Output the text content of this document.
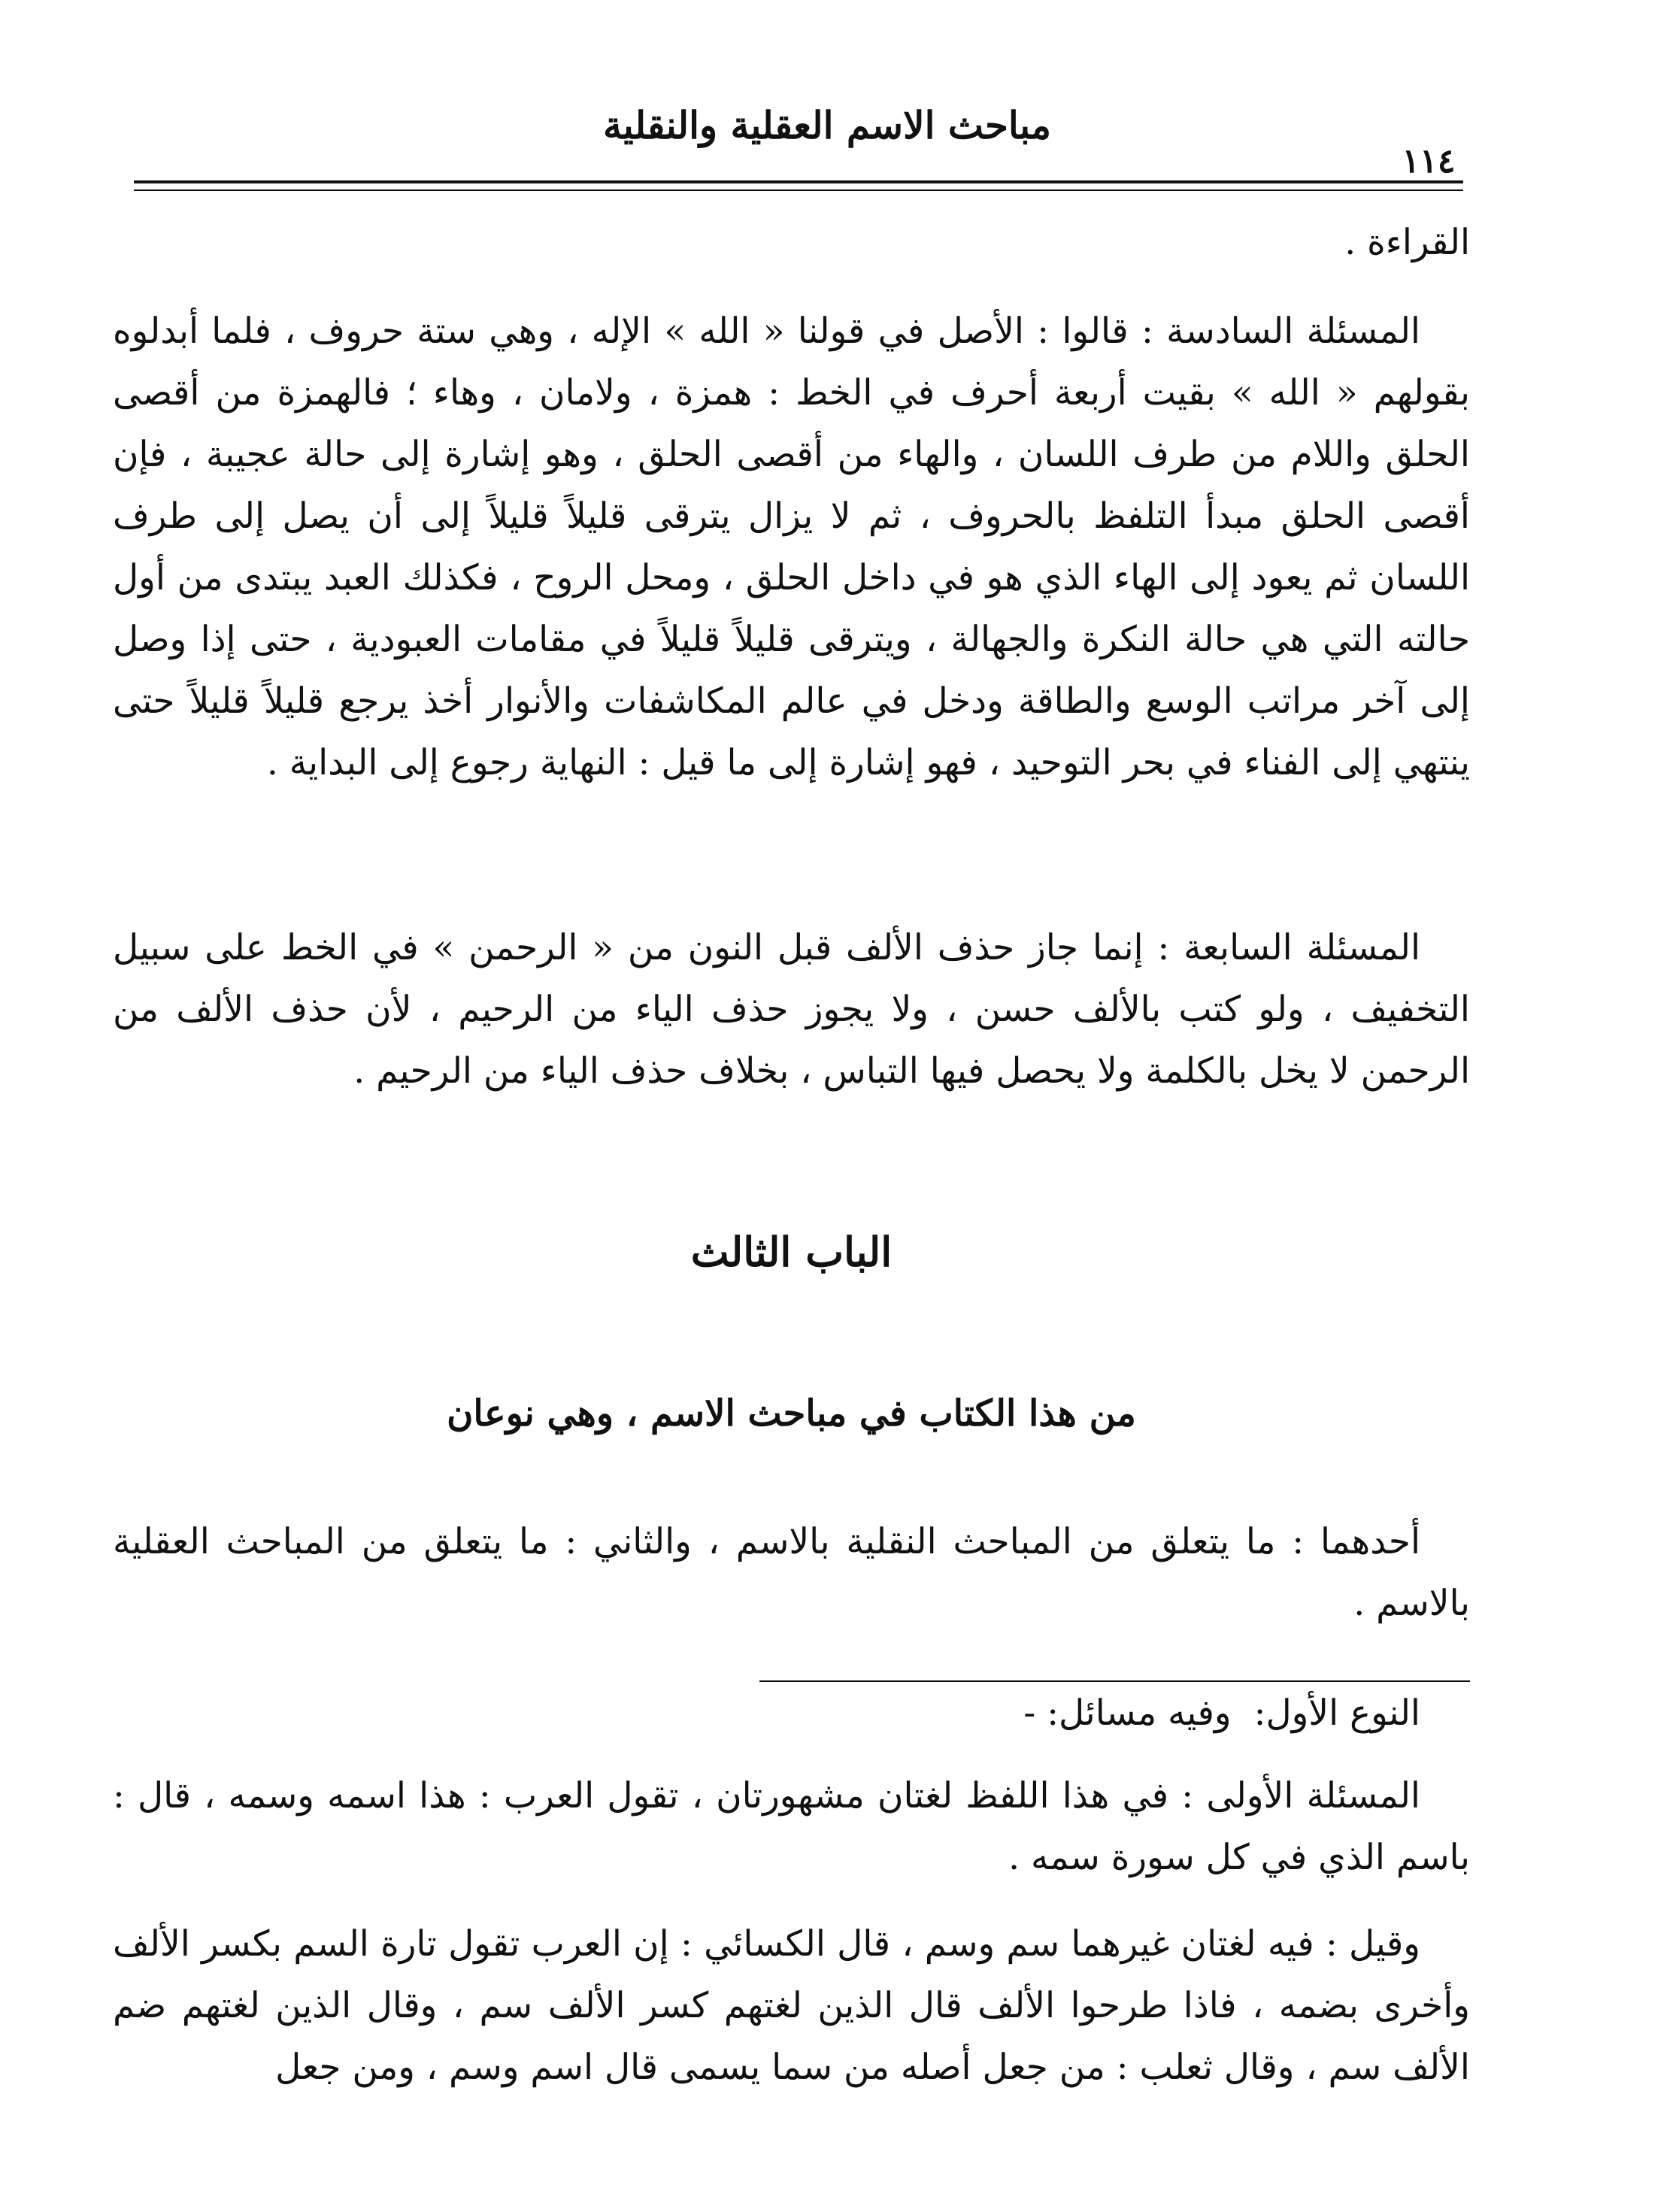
مباحث الاسم العقلية والنقلية
١١٤
القراءة .
المسئلة السادسة : قالوا : الأصل في قولنا « الله » الإله ، وهي ستة حروف ، فلما أبدلوه بقولهم « الله » بقيت أربعة أحرف في الخط : همزة ، ولامان ، وهاء ؛ فالهمزة من أقصى الحلق واللام من طرف اللسان ، والهاء من أقصى الحلق ، وهو إشارة إلى حالة عجيبة ، فإن أقصى الحلق مبدأ التلفظ بالحروف ، ثم لا يزال يترقى قليلاً قليلاً إلى أن يصل إلى طرف اللسان ثم يعود إلى الهاء الذي هو في داخل الحلق ، ومحل الروح ، فكذلك العبد يبتدى من أول حالته التي هي حالة النكرة والجهالة ، ويترقى قليلاً قليلاً في مقامات العبودية ، حتى إذا وصل إلى آخر مراتب الوسع والطاقة ودخل في عالم المكاشفات والأنوار أخذ يرجع قليلاً قليلاً حتى ينتهي إلى الفناء في بحر التوحيد ، فهو إشارة إلى ما قيل : النهاية رجوع إلى البداية .
المسئلة السابعة : إنما جاز حذف الألف قبل النون من « الرحمن » في الخط على سبيل التخفيف ، ولو كتب بالألف حسن ، ولا يجوز حذف الياء من الرحيم ، لأن حذف الألف من الرحمن لا يخل بالكلمة ولا يحصل فيها التباس ، بخلاف حذف الياء من الرحيم .
الباب الثالث
من هذا الكتاب في مباحث الاسم ، وهي نوعان
أحدهما : ما يتعلق من المباحث النقلية بالاسم ، والثاني : ما يتعلق من المباحث العقلية بالاسم .
النوع الأول:وفيه مسائل: -
المسئلة الأولى : في هذا اللفظ لغتان مشهورتان ، تقول العرب : هذا اسمه وسمه ، قال : باسم الذي في كل سورة سمه .
وقيل : فيه لغتان غيرهما سم وسم ، قال الكسائي : إن العرب تقول تارة السم بكسر الألف وأخرى بضمه ، فاذا طرحوا الألف قال الذين لغتهم كسر الألف سم ، وقال الذين لغتهم ضم الألف سم ، وقال ثعلب : من جعل أصله من سما يسمى قال اسم وسم ، ومن جعل
